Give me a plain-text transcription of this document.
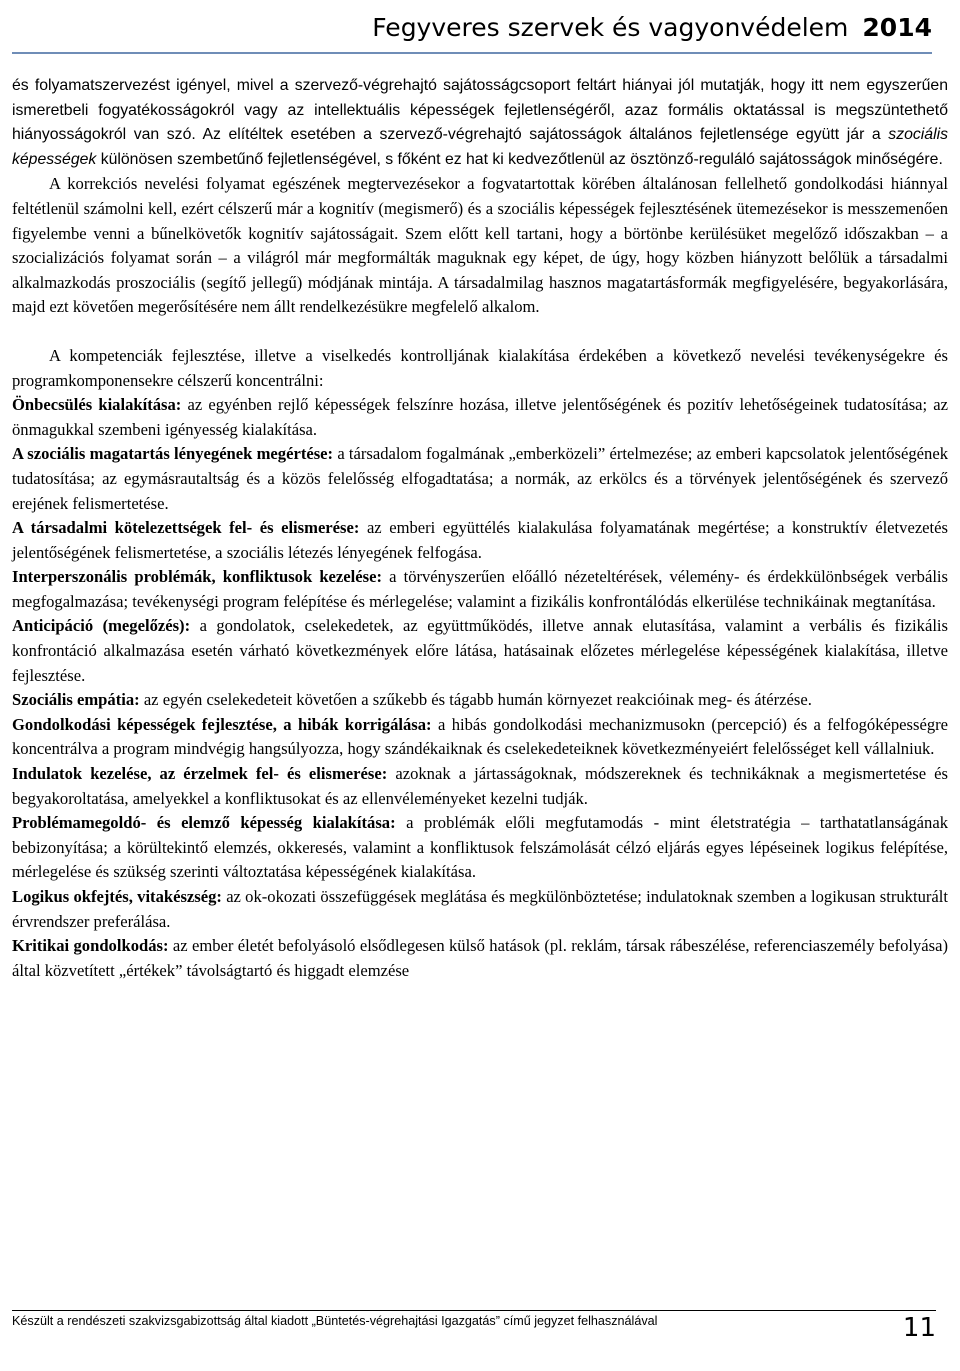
Fegyveres szervek és vagyonvédelem 2014

és folyamatszervezést igényel, mivel a szervező-végrehajtó sajátosságcsoport feltárt hiányai jól mutatják, hogy itt nem egyszerűen ismeretbeli fogyatékosságokról vagy az intellektuális képességek fejletlenségéről, azaz formális oktatással is megszüntethető hiányosságokról van szó. Az elítéltek esetében a szervező-végrehajtó sajátosságok általános fejletlensége együtt jár a szociális képességek különösen szembetűnő fejletlenségével, s főként ez hat ki kedvezőtlenül az ösztönző-reguláló sajátosságok minőségére.

A korrekciós nevelési folyamat egészének megtervezésekor a fogvatartottak körében általánosan fellelhető gondolkodási hiánnyal feltétlenül számolni kell, ezért célszerű már a kognitív (megismerő) és a szociális képességek fejlesztésének ütemezésekor is messzemenően figyelembe venni a bűnelkövetők kognitív sajátosságait. Szem előtt kell tartani, hogy a börtönbe kerülésüket megelőző időszakban – a szocializációs folyamat során – a világról már megformálták maguknak egy képet, de úgy, hogy közben hiányzott belőlük a társadalmi alkalmazkodás proszociális (segítő jellegű) módjának mintája. A társadalmilag hasznos magatartásformák megfigyelésére, begyakorlására, majd ezt követően megerősítésére nem állt rendelkezésükre megfelelő alkalom.

A kompetenciák fejlesztése, illetve a viselkedés kontrolljának kialakítása érdekében a következő nevelési tevékenységekre és programkomponensekre célszerű koncentrálni:

Önbecsülés kialakítása: az egyénben rejlő képességek felszínre hozása, illetve jelentőségének és pozitív lehetőségeinek tudatosítása; az önmagukkal szembeni igényesség kialakítása.

A szociális magatartás lényegének megértése: a társadalom fogalmának „emberközeli” értelmezése; az emberi kapcsolatok jelentőségének tudatosítása; az egymásrautaltság és a közös felelősség elfogadtatása; a normák, az erkölcs és a törvények jelentőségének és szervező erejének felismertetése.

A társadalmi kötelezettségek fel- és elismerése: az emberi együttélés kialakulása folyamatának megértése; a konstruktív életvezetés jelentőségének felismertetése, a szociális létezés lényegének felfogása.

Interperszonális problémák, konfliktusok kezelése: a törvényszerűen előálló nézeteltérések, vélemény- és érdekkülönbségek verbális megfogalmazása; tevékenységi program felépítése és mérlegelése; valamint a fizikális konfrontálódás elkerülése technikáinak megtanítása.

Anticipáció (megelőzés): a gondolatok, cselekedetek, az együttműködés, illetve annak elutasítása, valamint a verbális és fizikális konfrontáció alkalmazása esetén várható következmények előre látása, hatásainak előzetes mérlegelése képességének kialakítása, illetve fejlesztése.

Szociális empátia: az egyén cselekedeteit követően a szűkebb és tágabb humán környezet reakcióinak meg- és átérzése.

Gondolkodási képességek fejlesztése, a hibák korrigálása: a hibás gondolkodási mechanizmusokn (percepció) és a felfogóképességre koncentrálva a program mindvégig hangsúlyozza, hogy szándékaiknak és cselekedeteiknek következményeiért felelősséget kell vállalniuk.

Indulatok kezelése, az érzelmek fel- és elismerése: azoknak a jártasságoknak, módszereknek és technikáknak a megismertetése és begyakoroltatása, amelyekkel a konfliktusokat és az ellenvéleményeket kezelni tudják.

Problémamegoldó- és elemző képesség kialakítása: a problémák előli megfutamodás - mint életstratégia – tarthatatlanságának bebizonyítása; a körültekintő elemzés, okkeresés, valamint a konfliktusok felszámolását célzó eljárás egyes lépéseinek logikus felépítése, mérlegelése és szükség szerinti változtatása képességének kialakítása.

Logikus okfejtés, vitakészség: az ok-okozati összefüggések meglátása és megkülönböztetése; indulatoknak szemben a logikusan strukturált érvrendszer preferálása.

Kritikai gondolkodás: az ember életét befolyásoló elsődlegesen külső hatások (pl. reklám, társak rábeszélése, referenciaszemély befolyása) által közvetített „értékek” távolságtartó és higgadt elemzése

Készült a rendészeti szakvizsgabizottság által kiadott „Büntetés-végrehajtási Igazgatás” című jegyzet felhasználával	11
